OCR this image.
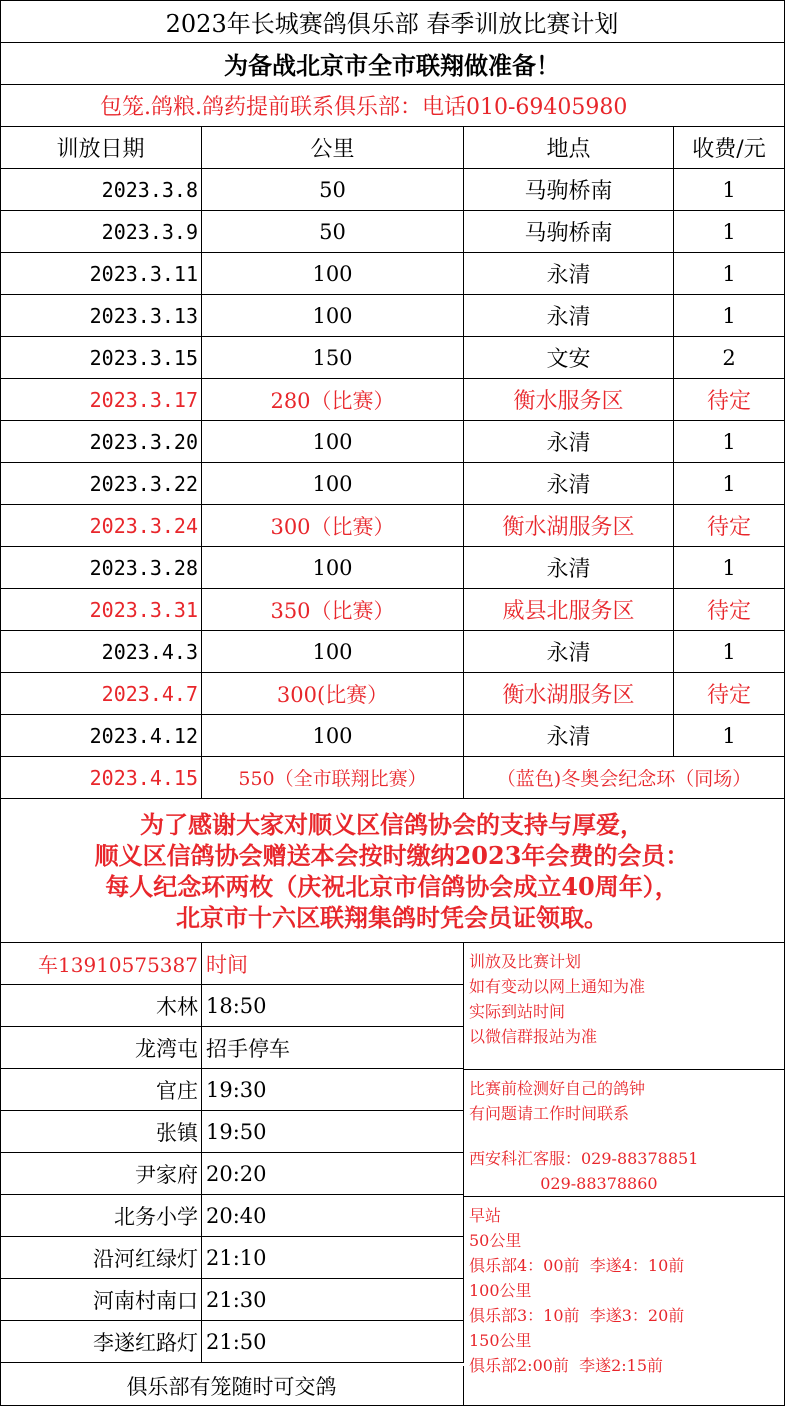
2023年长城赛鸽俱乐部 春季训放比赛计划
为备战北京市全市联翔做准备！
包笼.鸽粮.鸽药提前联系俱乐部：电话010-69405980
训放日期	公里	地点	收费/元
2023.3.8	50	马驹桥南	1
2023.3.9	50	马驹桥南	1
2023.3.11	100	永清	1
2023.3.13	100	永清	1
2023.3.15	150	文安	2
2023.3.17	280（比赛）	衡水服务区	待定
2023.3.20	100	永清	1
2023.3.22	100	永清	1
2023.3.24	300（比赛）	衡水湖服务区	待定
2023.3.28	100	永清	1
2023.3.31	350（比赛）	威县北服务区	待定
2023.4.3	100	永清	1
2023.4.7	300(比赛）	衡水湖服务区	待定
2023.4.12	100	永清	1
2023.4.15 550（全市联翔比赛）	（蓝色)冬奥会纪念环（同场）
为了感谢大家对顺义区信鸽协会的支持与厚爱，
顺义区信鸽协会赠送本会按时缴纳2023年会费的会员：
每人纪念环两枚（庆祝北京市信鸽协会成立40周年），
北京市十六区联翔集鸽时凭会员证领取。
车13910575387 时间
木林 18:50
龙湾屯 招手停车
官庄 19:30
张镇 19:50
尹家府 20:20
北务小学 20:40
沿河红绿灯 21:10
河南村南口 21:30
李遂红路灯 21:50
俱乐部有笼随时可交鸽
训放及比赛计划
如有变动以网上通知为准
实际到站时间
以微信群报站为准
比赛前检测好自己的鸽钟
有问题请工作时间联系
西安科汇客服：029-88378851
029-88378860
早站
50公里
俱乐部4：00前  李遂4：10前
100公里
俱乐部3：10前  李遂3：20前
150公里
俱乐部2:00前  李遂2:15前
